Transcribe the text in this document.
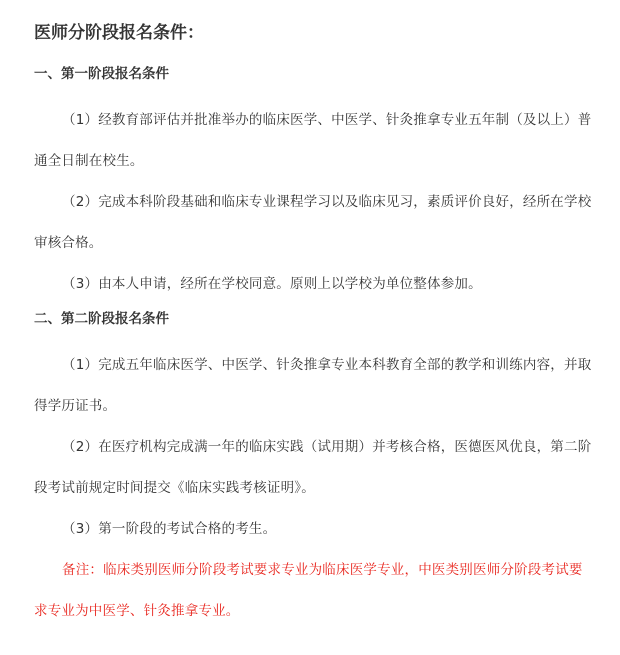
医师分阶段报名条件：
一、第一阶段报名条件

（1）经教育部评估并批准举办的临床医学、中医学、针灸推拿专业五年制（及以上）普通全日制在校生。

（2）完成本科阶段基础和临床专业课程学习以及临床见习，素质评价良好，经所在学校审核合格。

（3）由本人申请，经所在学校同意。原则上以学校为单位整体参加。

二、第二阶段报名条件

（1）完成五年临床医学、中医学、针灸推拿专业本科教育全部的教学和训练内容，并取得学历证书。

（2）在医疗机构完成满一年的临床实践（试用期）并考核合格，医德医风优良，第二阶段考试前规定时间提交《临床实践考核证明》。

（3）第一阶段的考试合格的考生。

备注：临床类别医师分阶段考试要求专业为临床医学专业，中医类别医师分阶段考试要求专业为中医学、针灸推拿专业。
